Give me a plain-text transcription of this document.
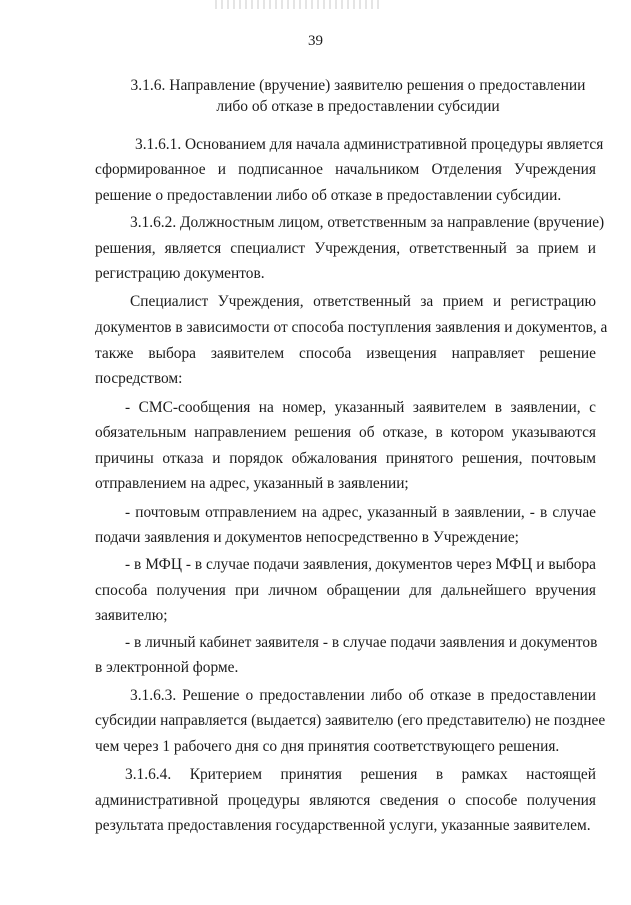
39

3.1.6. Направление (вручение) заявителю решения о предоставлении
либо об отказе в предоставлении субсидии

3.1.6.1. Основанием для начала административной процедуры является
сформированное и подписанное начальником Отделения Учреждения
решение о предоставлении либо об отказе в предоставлении субсидии.

3.1.6.2. Должностным лицом, ответственным за направление (вручение)
решения, является специалист Учреждения, ответственный за прием и
регистрацию документов.

Специалист Учреждения, ответственный за прием и регистрацию
документов в зависимости от способа поступления заявления и документов, а
также выбора заявителем способа извещения направляет решение
посредством:

- СМС-сообщения на номер, указанный заявителем в заявлении, с
обязательным направлением решения об отказе, в котором указываются
причины отказа и порядок обжалования принятого решения, почтовым
отправлением на адрес, указанный в заявлении;

- почтовым отправлением на адрес, указанный в заявлении, - в случае
подачи заявления и документов непосредственно в Учреждение;

- в МФЦ - в случае подачи заявления, документов через МФЦ и выбора
способа получения при личном обращении для дальнейшего вручения
заявителю;

- в личный кабинет заявителя - в случае подачи заявления и документов
в электронной форме.

3.1.6.3. Решение о предоставлении либо об отказе в предоставлении
субсидии направляется (выдается) заявителю (его представителю) не позднее
чем через 1 рабочего дня со дня принятия соответствующего решения.

3.1.6.4. Критерием принятия решения в рамках настоящей
административной процедуры являются сведения о способе получения
результата предоставления государственной услуги, указанные заявителем.
